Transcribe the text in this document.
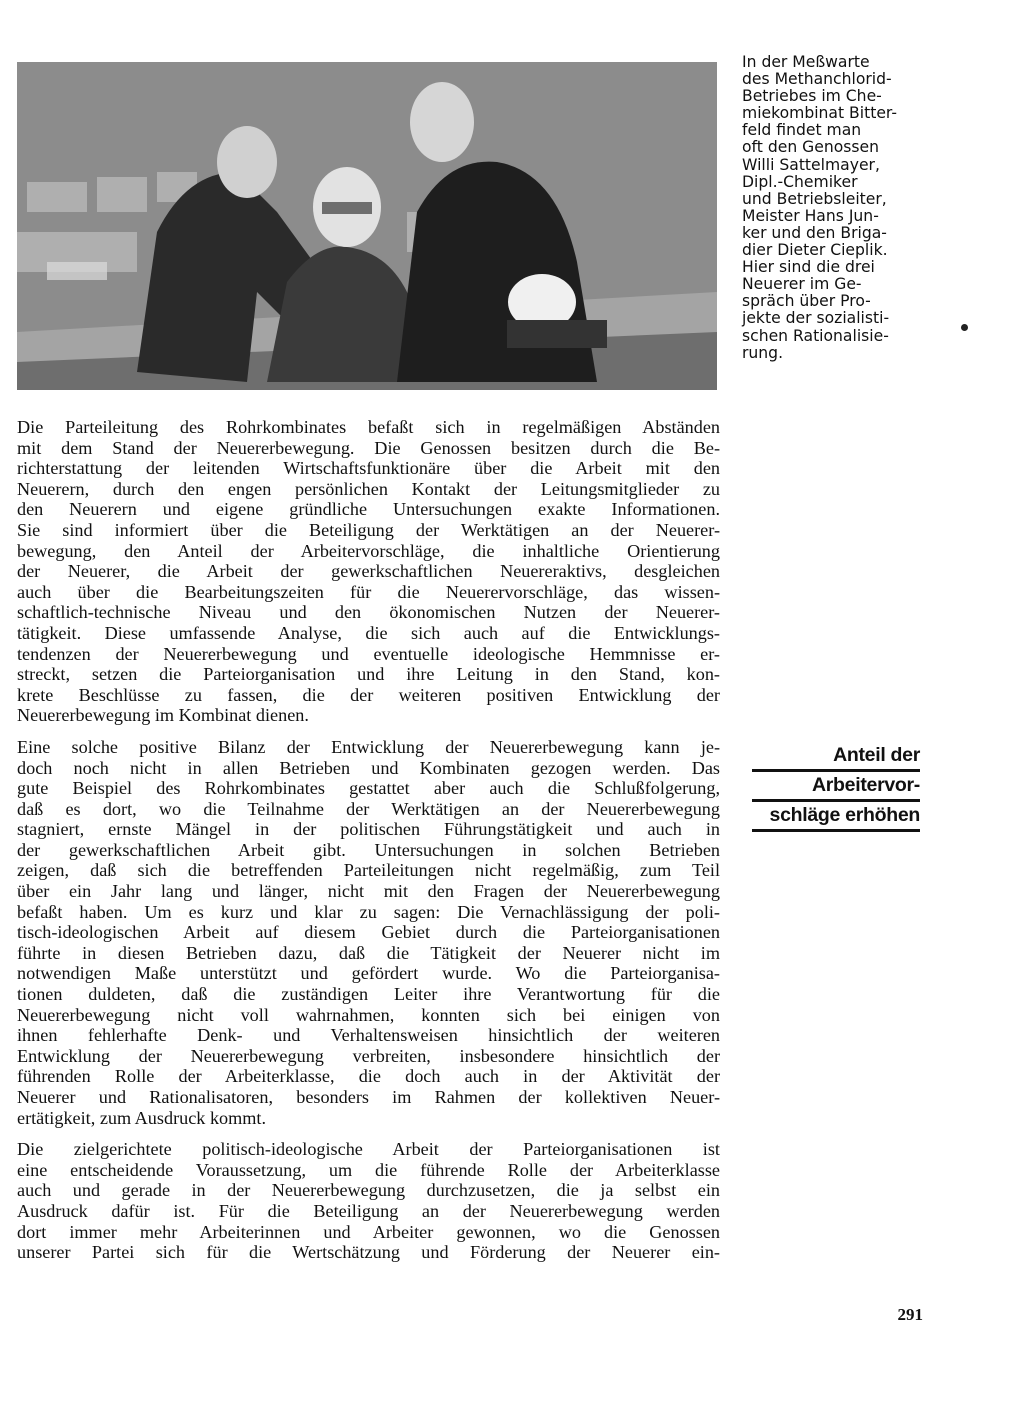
In der Meßwarte
des Methanchlorid-
Betriebes im Che-
miekombinat Bitter-
feld findet man
oft den Genossen
Willi Sattelmayer,
Dipl.-Chemiker
und Betriebsleiter,
Meister Hans Jun-
ker und den Briga-
dier Dieter Cieplik.
Hier sind die drei
Neuerer im Ge-
spräch über Pro-
jekte der sozialisti-
schen Rationalisie-
rung.
Anteil der
Arbeitervor-
schläge erhöhen

Die Parteileitung des Rohrkombinates befaßt sich in regelmäßigen Abständen
mit dem Stand der Neuererbewegung. Die Genossen besitzen durch die Be-
richterstattung der leitenden Wirtschaftsfunktionäre über die Arbeit mit den
Neuerern, durch den engen persönlichen Kontakt der Leitungsmitglieder zu
den Neuerern und eigene gründliche Untersuchungen exakte Informationen.
Sie sind informiert über die Beteiligung der Werktätigen an der Neuerer-
bewegung, den Anteil der Arbeitervorschläge, die inhaltliche Orientierung
der Neuerer, die Arbeit der gewerkschaftlichen Neuereraktivs, desgleichen
auch über die Bearbeitungszeiten für die Neuerervorschläge, das wissen-
schaftlich-technische Niveau und den ökonomischen Nutzen der Neuerer-
tätigkeit. Diese umfassende Analyse, die sich auch auf die Entwicklungs-
tendenzen der Neuererbewegung und eventuelle ideologische Hemmnisse er-
streckt, setzen die Parteiorganisation und ihre Leitung in den Stand, kon-
krete Beschlüsse zu fassen, die der weiteren positiven Entwicklung der
Neuererbewegung im Kombinat dienen.

Eine solche positive Bilanz der Entwicklung der Neuererbewegung kann je-
doch noch nicht in allen Betrieben und Kombinaten gezogen werden. Das
gute Beispiel des Rohrkombinates gestattet aber auch die Schlußfolgerung,
daß es dort, wo die Teilnahme der Werktätigen an der Neuererbewegung
stagniert, ernste Mängel in der politischen Führungstätigkeit und auch in
der gewerkschaftlichen Arbeit gibt. Untersuchungen in solchen Betrieben
zeigen, daß sich die betreffenden Parteileitungen nicht regelmäßig, zum Teil
über ein Jahr lang und länger, nicht mit den Fragen der Neuererbewegung
befaßt haben. Um es kurz und klar zu sagen: Die Vernachlässigung der poli-
tisch-ideologischen Arbeit auf diesem Gebiet durch die Parteiorganisationen
führte in diesen Betrieben dazu, daß die Tätigkeit der Neuerer nicht im
notwendigen Maße unterstützt und gefördert wurde. Wo die Parteiorganisa-
tionen duldeten, daß die zuständigen Leiter ihre Verantwortung für die
Neuererbewegung nicht voll wahrnahmen, konnten sich bei einigen von
ihnen fehlerhafte Denk- und Verhaltensweisen hinsichtlich der weiteren
Entwicklung der Neuererbewegung verbreiten, insbesondere hinsichtlich der
führenden Rolle der Arbeiterklasse, die doch auch in der Aktivität der
Neuerer und Rationalisatoren, besonders im Rahmen der kollektiven Neuer-
ertätigkeit, zum Ausdruck kommt.

Die zielgerichtete politisch-ideologische Arbeit der Parteiorganisationen ist
eine entscheidende Voraussetzung, um die führende Rolle der Arbeiterklasse
auch und gerade in der Neuererbewegung durchzusetzen, die ja selbst ein
Ausdruck dafür ist. Für die Beteiligung an der Neuererbewegung werden
dort immer mehr Arbeiterinnen und Arbeiter gewonnen, wo die Genossen
unserer Partei sich für die Wertschätzung und Förderung der Neuerer ein-

291
